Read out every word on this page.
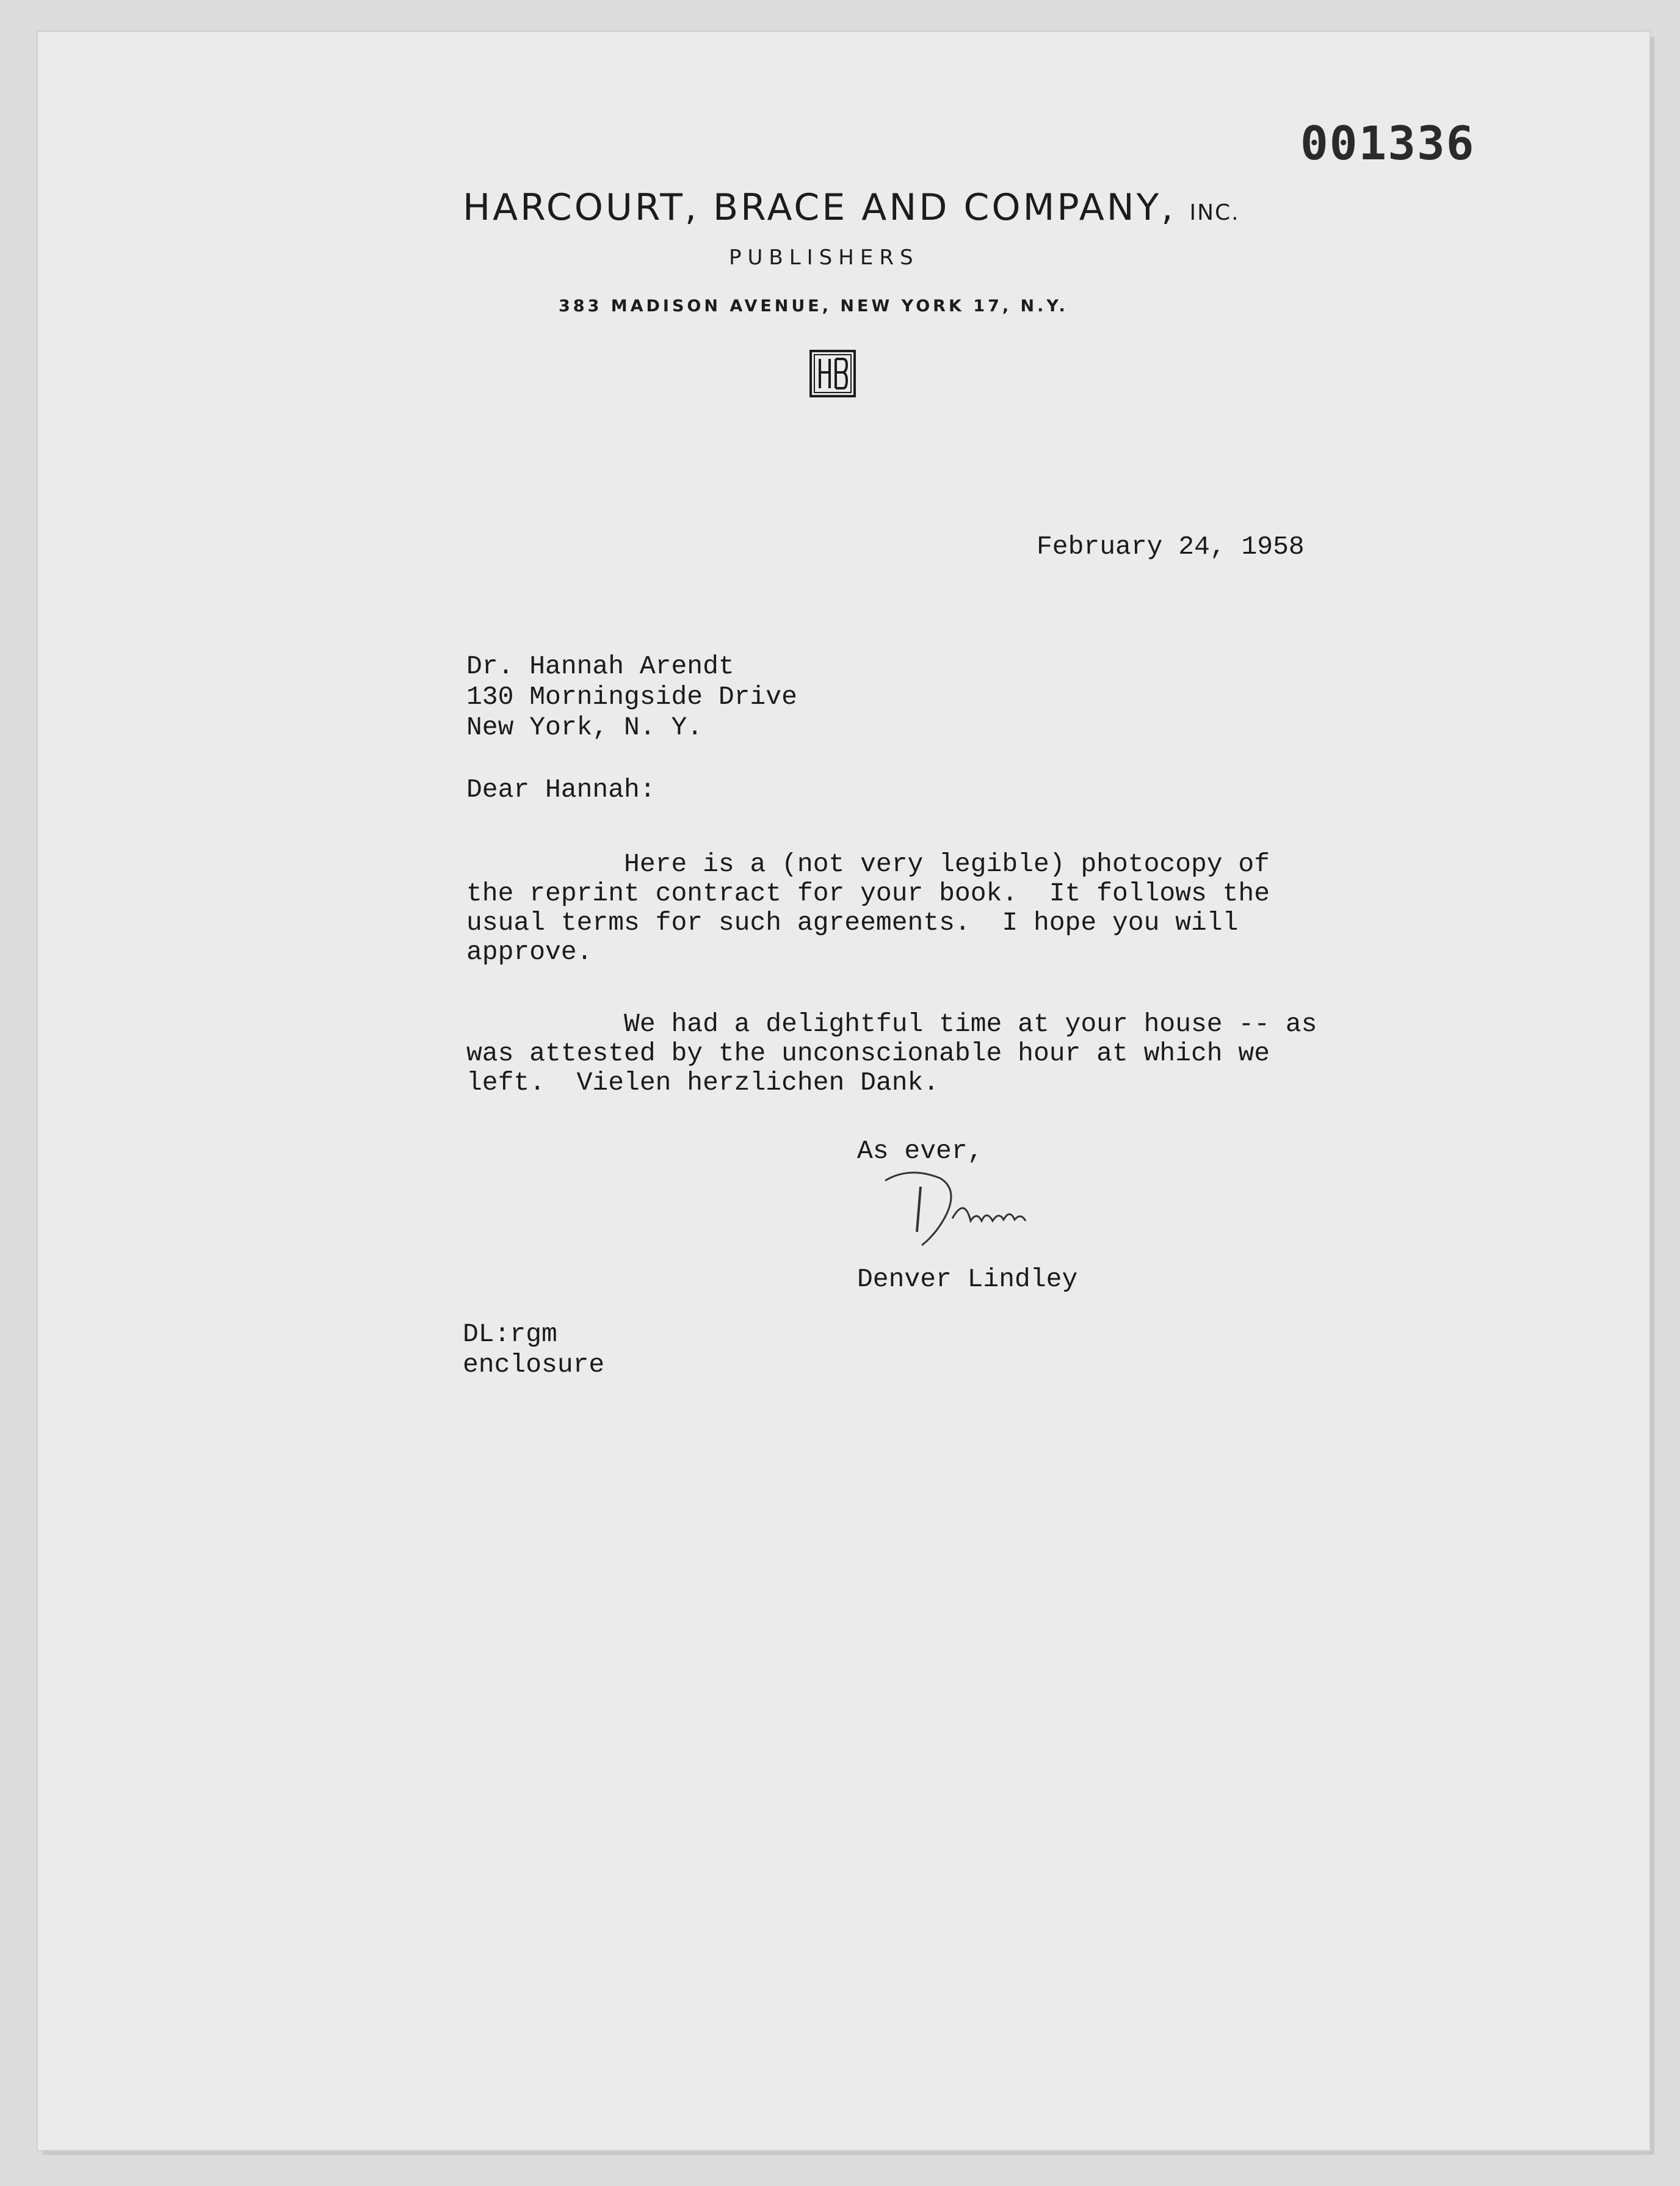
001336
HARCOURT, BRACE AND COMPANY, INC.
PUBLISHERS
383 MADISON AVENUE, NEW YORK 17, N.Y.
February 24, 1958
Dr. Hannah Arendt
130 Morningside Drive
New York, N. Y.
Dear Hannah:
Here is a (not very legible) photocopy of
the reprint contract for your book.  It follows the
usual terms for such agreements.  I hope you will
approve.
We had a delightful time at your house -- as
was attested by the unconscionable hour at which we
left.  Vielen herzlichen Dank.
As ever,
Denver Lindley
DL:rgm
enclosure
